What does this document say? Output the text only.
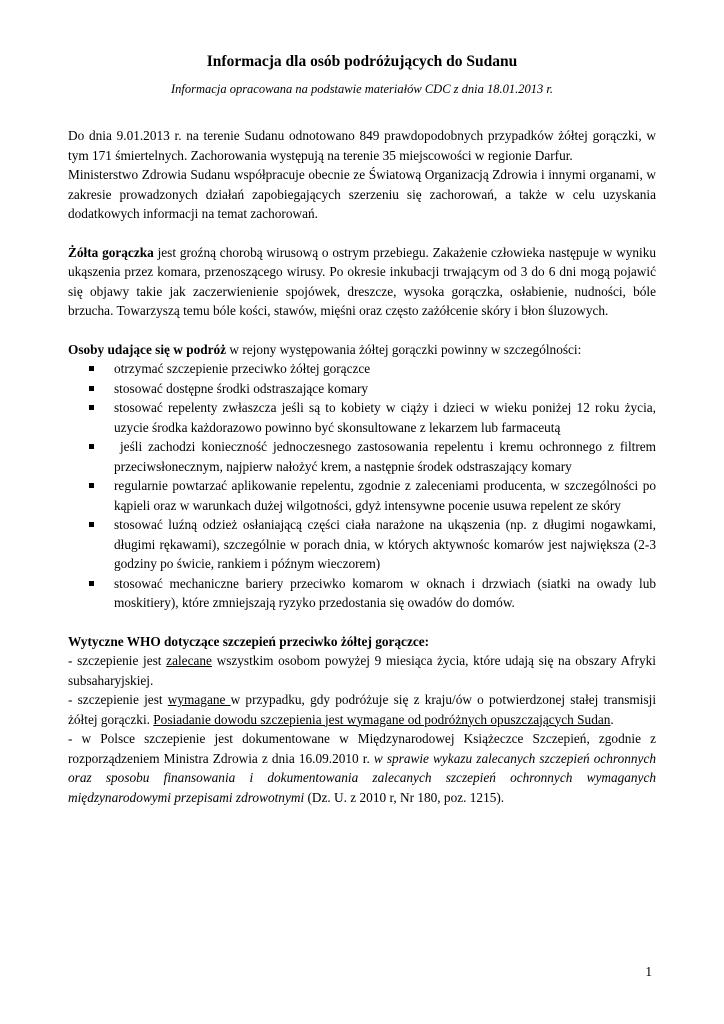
Informacja dla osób podróżujących do Sudanu
Informacja opracowana na podstawie materiałów CDC z dnia 18.01.2013 r.

Do dnia 9.01.2013 r. na terenie Sudanu odnotowano 849 prawdopodobnych przypadków żółtej gorączki, w tym 171 śmiertelnych. Zachorowania występują na terenie 35 miejscowości w regionie Darfur.

Ministerstwo Zdrowia Sudanu współpracuje obecnie ze Światową Organizacją Zdrowia i innymi organami, w zakresie prowadzonych działań zapobiegających szerzeniu się zachorowań, a także w celu uzyskania dodatkowych informacji na temat zachorowań.

Żółta gorączka jest groźną chorobą wirusową o ostrym przebiegu. Zakażenie człowieka następuje w wyniku ukąszenia przez komara, przenoszącego wirusy. Po okresie inkubacji trwającym od 3 do 6 dni mogą pojawić się objawy takie jak zaczerwienienie spojówek, dreszcze, wysoka gorączka, osłabienie, nudności, bóle brzucha. Towarzyszą temu bóle kości, stawów, mięśni oraz często zażółcenie skóry i błon śluzowych.

Osoby udające się w podróż w rejony występowania żółtej gorączki powinny w szczególności:

otrzymać szczepienie przeciwko żółtej gorączce
stosować dostępne środki odstraszające komary
stosować repelenty zwłaszcza jeśli są to kobiety w ciąży i dzieci w wieku poniżej 12 roku życia, uzycie środka każdorazowo powinno być skonsultowane z lekarzem lub farmaceutą
jeśli zachodzi konieczność jednoczesnego zastosowania repelentu i kremu ochronnego z filtrem przeciwsłonecznym, najpierw nałożyć krem, a następnie środek odstraszający komary
regularnie powtarzać aplikowanie repelentu, zgodnie z zaleceniami producenta, w szczególności po kąpieli oraz w warunkach dużej wilgotności, gdyż intensywne pocenie usuwa repelent ze skóry
stosować luźną odzież osłaniającą części ciała narażone na ukąszenia (np. z długimi nogawkami, długimi rękawami), szczególnie w porach dnia, w których aktywnośc komarów jest największa (2-3 godziny po świcie, rankiem i późnym wieczorem)
stosować mechaniczne bariery przeciwko komarom w oknach i drzwiach (siatki na owady lub moskitiery), które zmniejszają ryzyko przedostania się owadów do domów.

Wytyczne WHO dotyczące szczepień przeciwko żółtej gorączce:

- szczepienie jest zalecane wszystkim osobom powyżej 9 miesiąca życia, które udają się na obszary Afryki subsaharyjskiej.

- szczepienie jest wymagane w przypadku, gdy podróżuje się z kraju/ów o potwierdzonej stałej transmisji żółtej gorączki. Posiadanie dowodu szczepienia jest wymagane od podróżnych opuszczających Sudan.

- w Polsce szczepienie jest dokumentowane w Międzynarodowej Książeczce Szczepień, zgodnie z rozporządzeniem Ministra Zdrowia z dnia 16.09.2010 r. w sprawie wykazu zalecanych szczepień ochronnych oraz sposobu finansowania i dokumentowania zalecanych szczepień ochronnych wymaganych międzynarodowymi przepisami zdrowotnymi (Dz. U. z 2010 r, Nr 180, poz. 1215).

1
